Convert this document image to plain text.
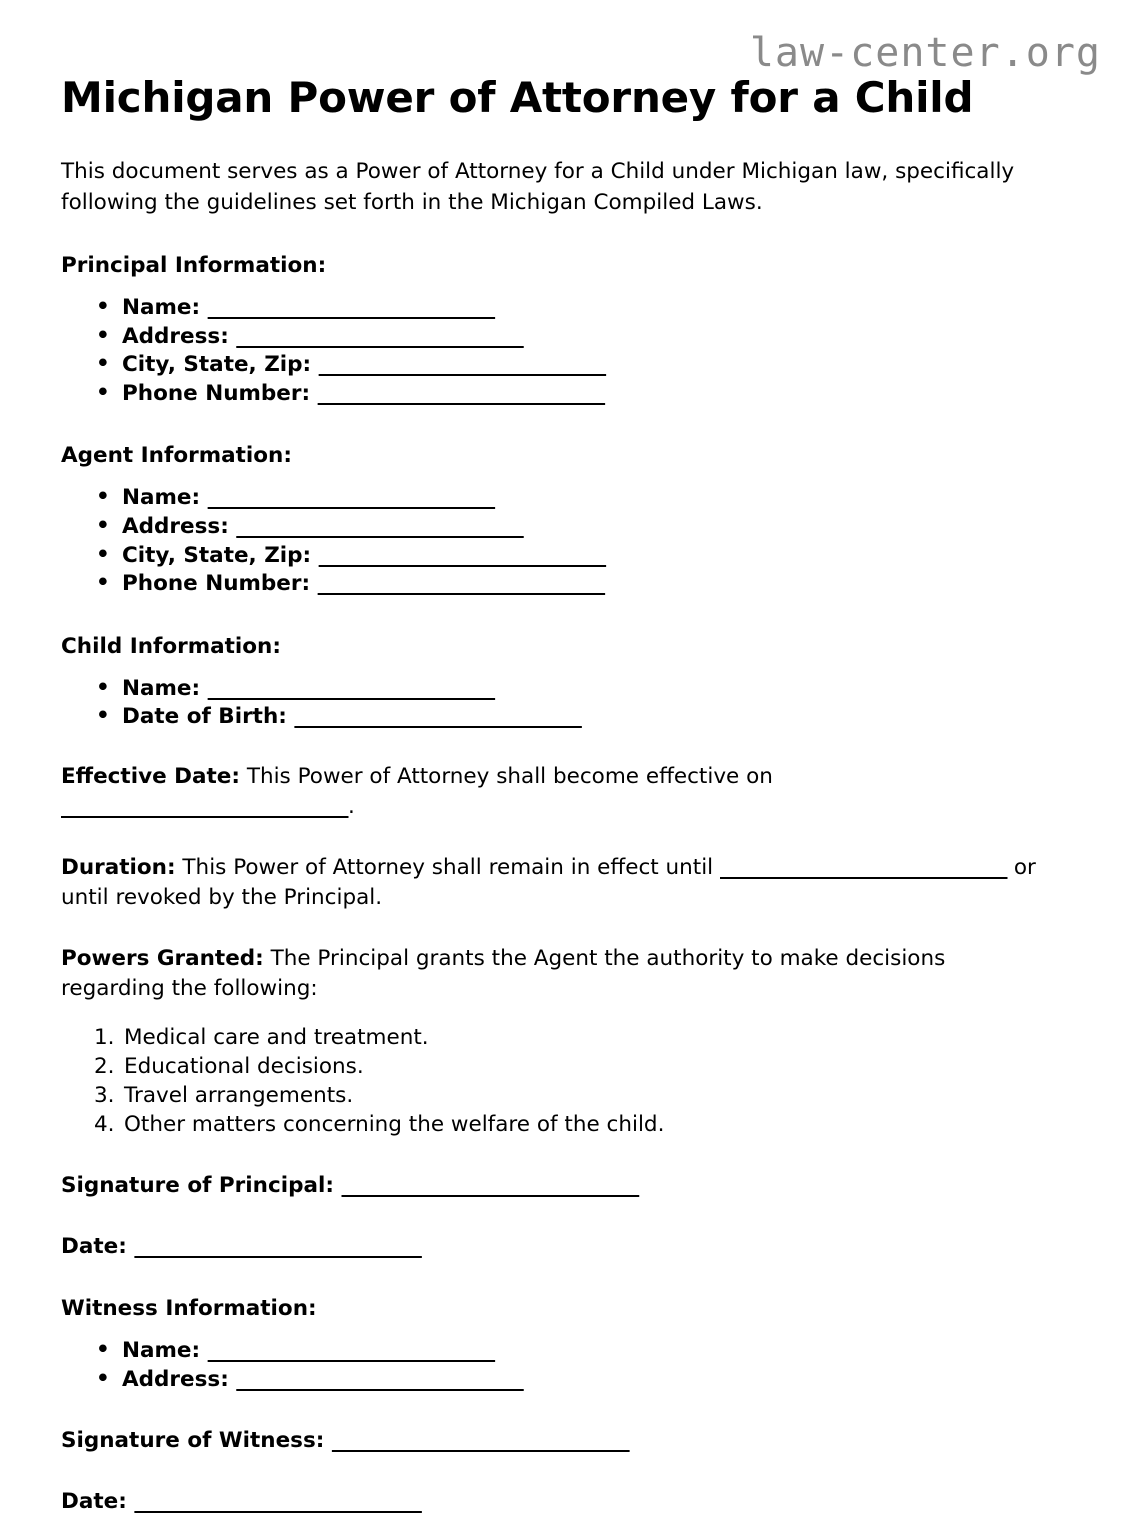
law-center.org
Michigan Power of Attorney for a Child

This document serves as a Power of Attorney for a Child under Michigan law, specifically following the guidelines set forth in the Michigan Compiled Laws.

Principal Information:
• Name: ____________________________
• Address: ____________________________
• City, State, Zip: ____________________________
• Phone Number: ____________________________
Agent Information:
• Name: ____________________________
• Address: ____________________________
• City, State, Zip: ____________________________
• Phone Number: ____________________________
Child Information:
• Name: ____________________________
• Date of Birth: ____________________________

Effective Date: This Power of Attorney shall become effective on ____________________________.

Duration: This Power of Attorney shall remain in effect until ____________________________ or until revoked by the Principal.

Powers Granted: The Principal grants the Agent the authority to make decisions regarding the following:

1. Medical care and treatment.
2. Educational decisions.
3. Travel arrangements.
4. Other matters concerning the welfare of the child.

Signature of Principal: _____________________________

Date: ____________________________

Witness Information:
• Name: ____________________________
• Address: ____________________________

Signature of Witness: _____________________________

Date: ____________________________
